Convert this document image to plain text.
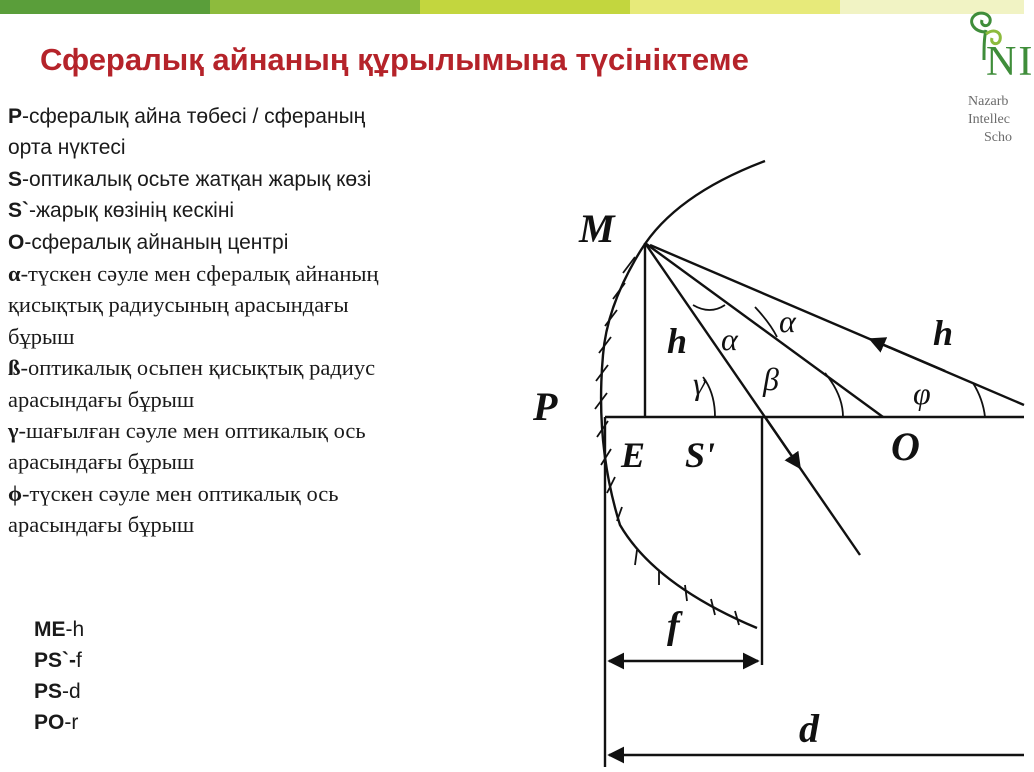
Сфералық айнаның құрылымына түсініктеме	NI
Nazarb
Intellec
Scho
P-сфералық айна төбесі / сфераның
орта нүктесі
S-оптикалық осьте жатқан жарық көзі
S`-жарық көзінің кескіні
O-сфералық айнаның центрі
α-түскен сәуле мен сфералық айнаның
қисықтық радиусының арасындағы
бұрыш
ß-оптикалық осьпен қисықтық радиус
арасындағы бұрыш
γ-шағылған сәуле мен оптикалық ось
арасындағы бұрыш
ϕ-түскен сәуле мен оптикалық ось
арасындағы бұрыш
ME-h
PS`-f
PS-d
PO-r
M
P
E S'	O
h	h
f
d
α α
β
γ	φ
